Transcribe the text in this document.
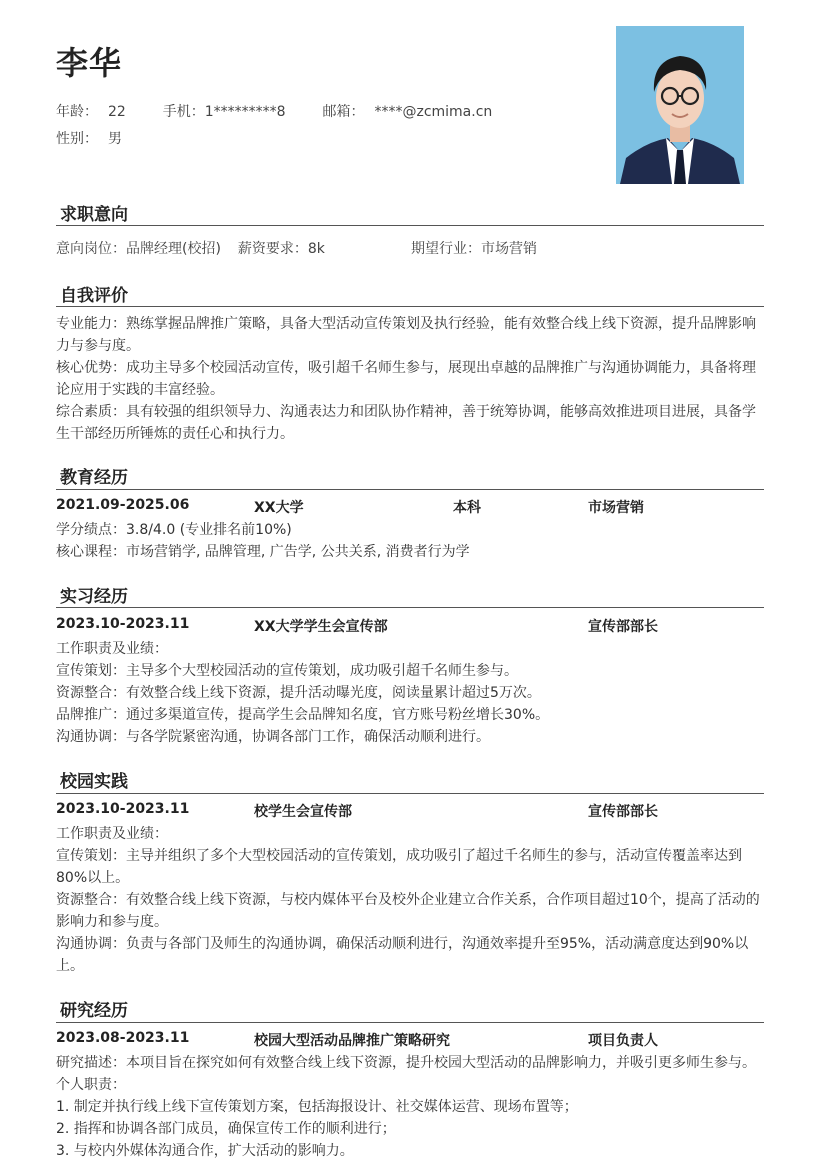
李华
年龄： 22	手机：1*********8	邮箱： ****@zcmima.cn
性别： 男
求职意向
意向岗位：品牌经理(校招) 薪资要求：8k	期望行业：市场营销
自我评价
专业能力：熟练掌握品牌推广策略，具备大型活动宣传策划及执行经验，能有效整合线上线下资源，提升品牌影响力与参与度。
核心优势：成功主导多个校园活动宣传，吸引超千名师生参与，展现出卓越的品牌推广与沟通协调能力，具备将理论应用于实践的丰富经验。
综合素质：具有较强的组织领导力、沟通表达力和团队协作精神，善于统筹协调，能够高效推进项目进展，具备学生干部经历所锤炼的责任心和执行力。
教育经历
2021.09-2025.06	XX大学	本科	市场营销
学分绩点：3.8/4.0 (专业排名前10%)
核心课程：市场营销学, 品牌管理, 广告学, 公共关系, 消费者行为学
实习经历
2023.10-2023.11	XX大学学生会宣传部	宣传部部长
工作职责及业绩：
宣传策划：主导多个大型校园活动的宣传策划，成功吸引超千名师生参与。
资源整合：有效整合线上线下资源，提升活动曝光度，阅读量累计超过5万次。
品牌推广：通过多渠道宣传，提高学生会品牌知名度，官方账号粉丝增长30%。
沟通协调：与各学院紧密沟通，协调各部门工作，确保活动顺利进行。
校园实践
2023.10-2023.11	校学生会宣传部	宣传部部长
工作职责及业绩：
宣传策划：主导并组织了多个大型校园活动的宣传策划，成功吸引了超过千名师生的参与，活动宣传覆盖率达到80%以上。
资源整合：有效整合线上线下资源，与校内媒体平台及校外企业建立合作关系，合作项目超过10个，提高了活动的影响力和参与度。
沟通协调：负责与各部门及师生的沟通协调，确保活动顺利进行，沟通效率提升至95%，活动满意度达到90%以上。
研究经历
2023.08-2023.11	校园大型活动品牌推广策略研究	项目负责人
研究描述：本项目旨在探究如何有效整合线上线下资源，提升校园大型活动的品牌影响力，并吸引更多师生参与。
个人职责：
1. 制定并执行线上线下宣传策划方案，包括海报设计、社交媒体运营、现场布置等；
2. 指挥和协调各部门成员，确保宣传工作的顺利进行；
3. 与校内外媒体沟通合作，扩大活动的影响力。
